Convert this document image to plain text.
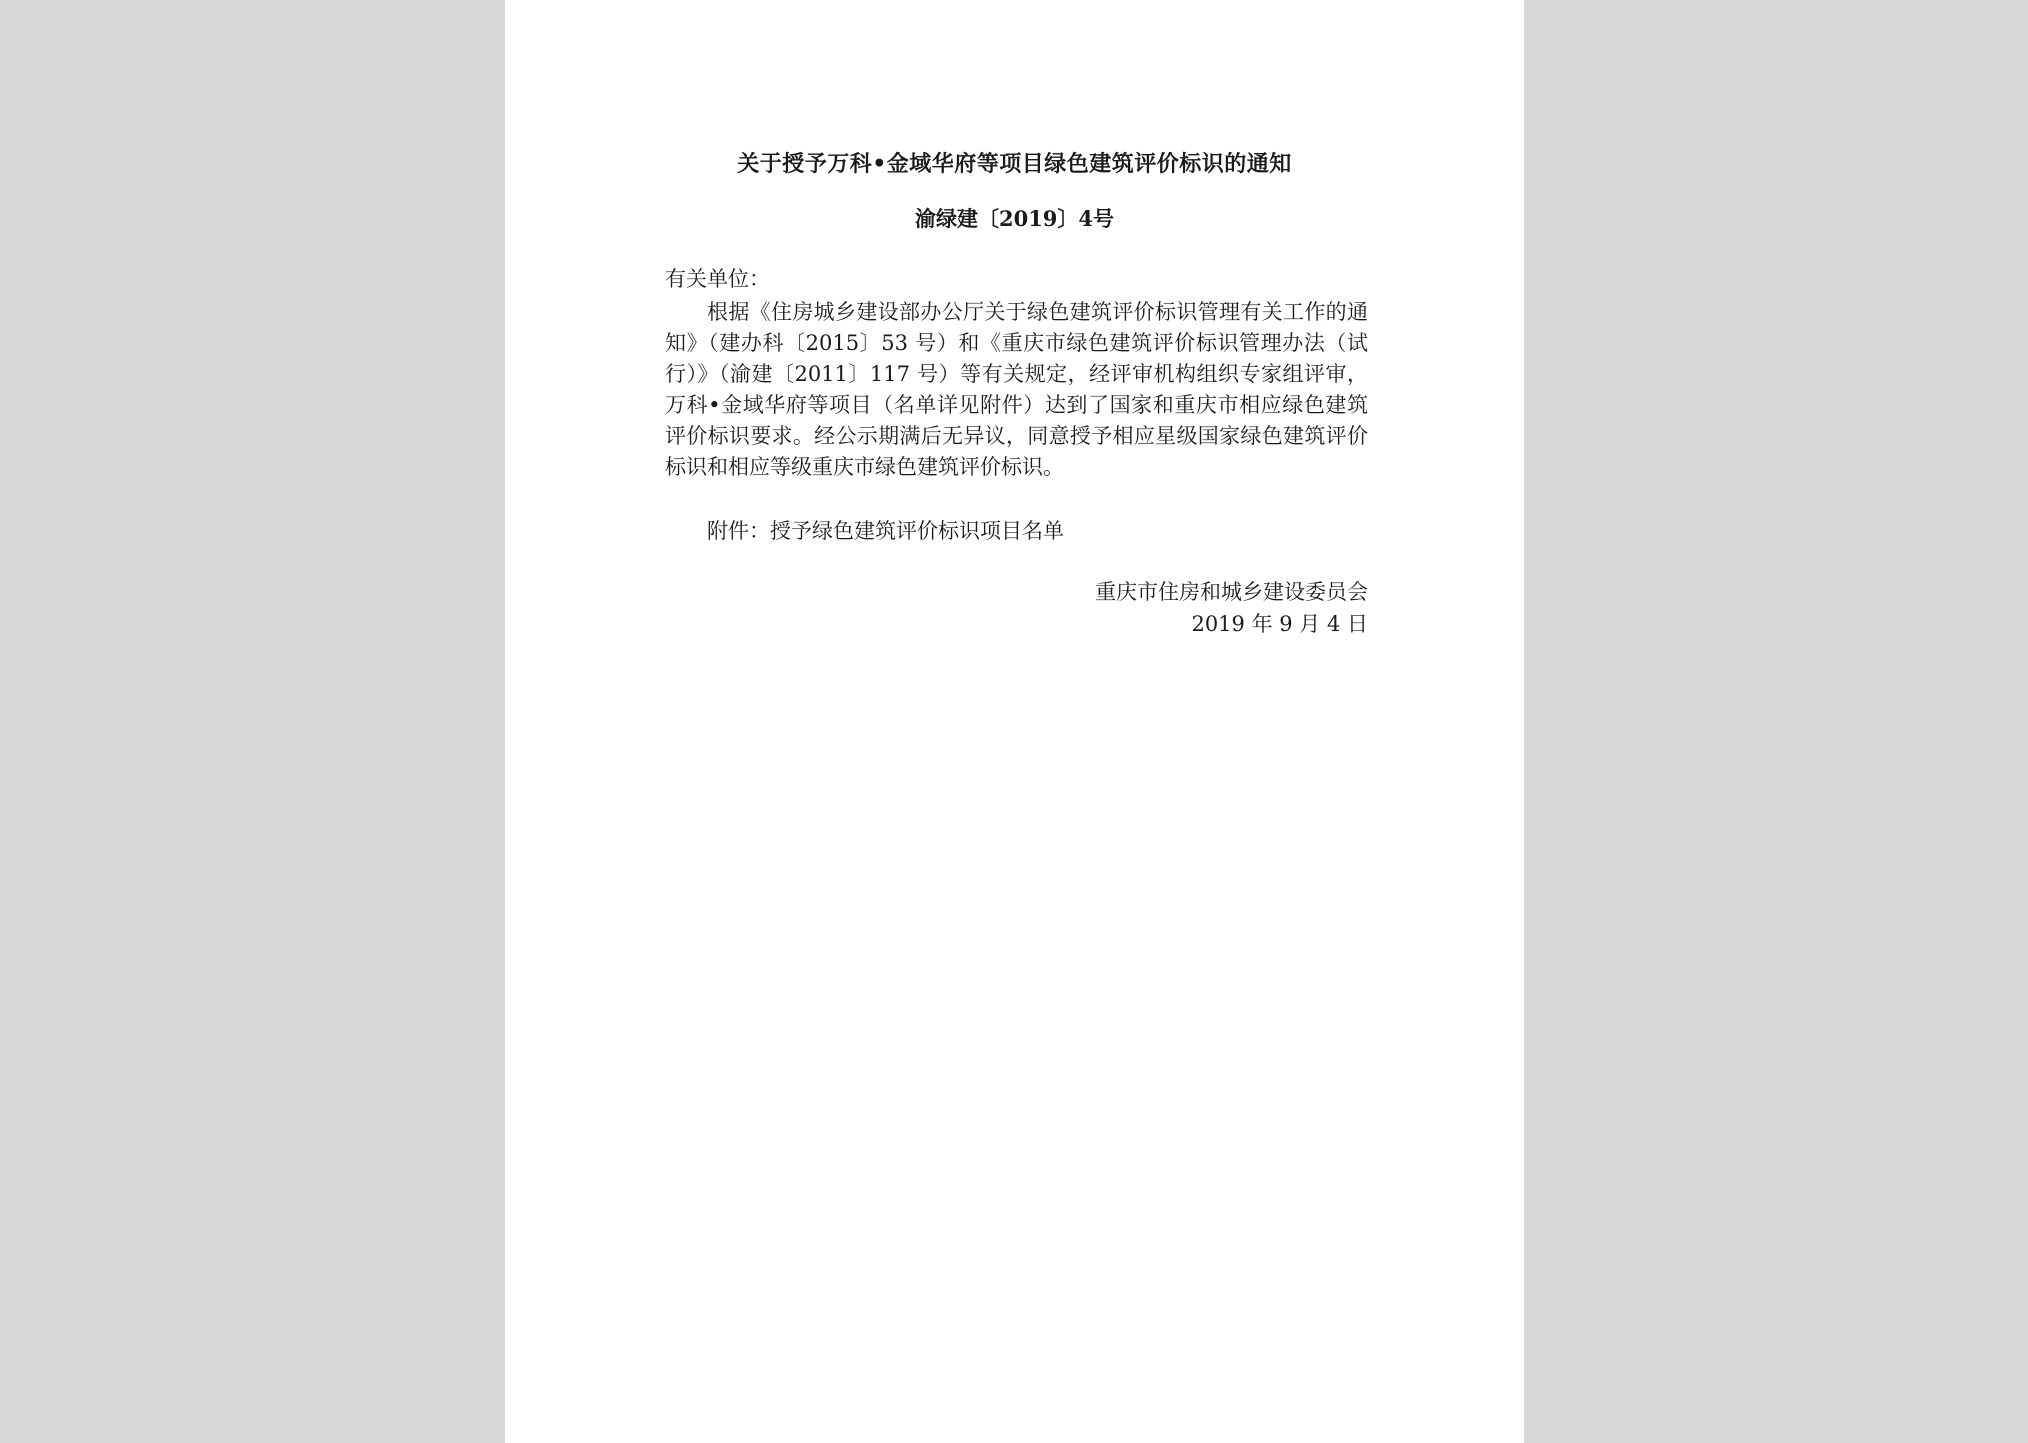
关于授予万科•金域华府等项目绿色建筑评价标识的通知
渝绿建〔2019〕4号
有关单位：

根据《住房城乡建设部办公厅关于绿色建筑评价标识管理有关工作的通知》（建办科〔2015〕53 号）和《重庆市绿色建筑评价标识管理办法（试行）》（渝建〔2011〕117 号）等有关规定，经评审机构组织专家组评审，万科•金域华府等项目（名单详见附件）达到了国家和重庆市相应绿色建筑评价标识要求。经公示期满后无异议，同意授予相应星级国家绿色建筑评价标识和相应等级重庆市绿色建筑评价标识。

附件：授予绿色建筑评价标识项目名单

重庆市住房和城乡建设委员会
2019 年 9 月 4 日
